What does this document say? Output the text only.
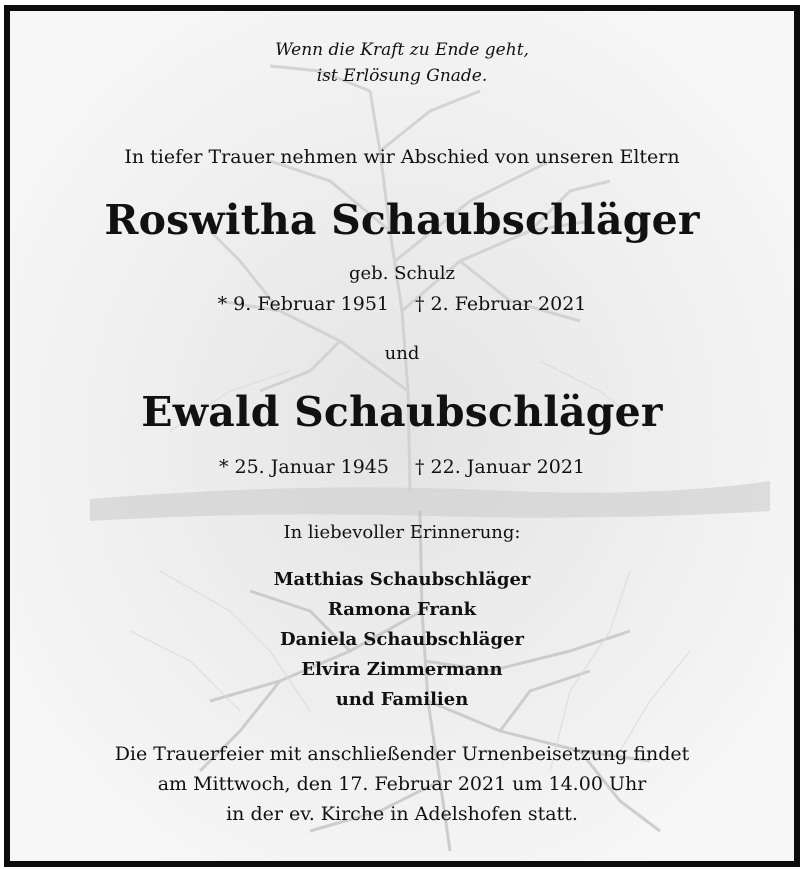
Wenn die Kraft zu Ende geht,
ist Erlösung Gnade.
In tiefer Trauer nehmen wir Abschied von unseren Eltern
Roswitha Schaubschläger
geb. Schulz
* 9. Februar 1951 † 2. Februar 2021
und
Ewald Schaubschläger
* 25. Januar 1945 † 22. Januar 2021
In liebevoller Erinnerung:
Matthias Schaubschläger
Ramona Frank
Daniela Schaubschläger
Elvira Zimmermann
und Familien
Die Trauerfeier mit anschließender Urnenbeisetzung findet
am Mittwoch, den 17. Februar 2021 um 14.00 Uhr
in der ev. Kirche in Adelshofen statt.
